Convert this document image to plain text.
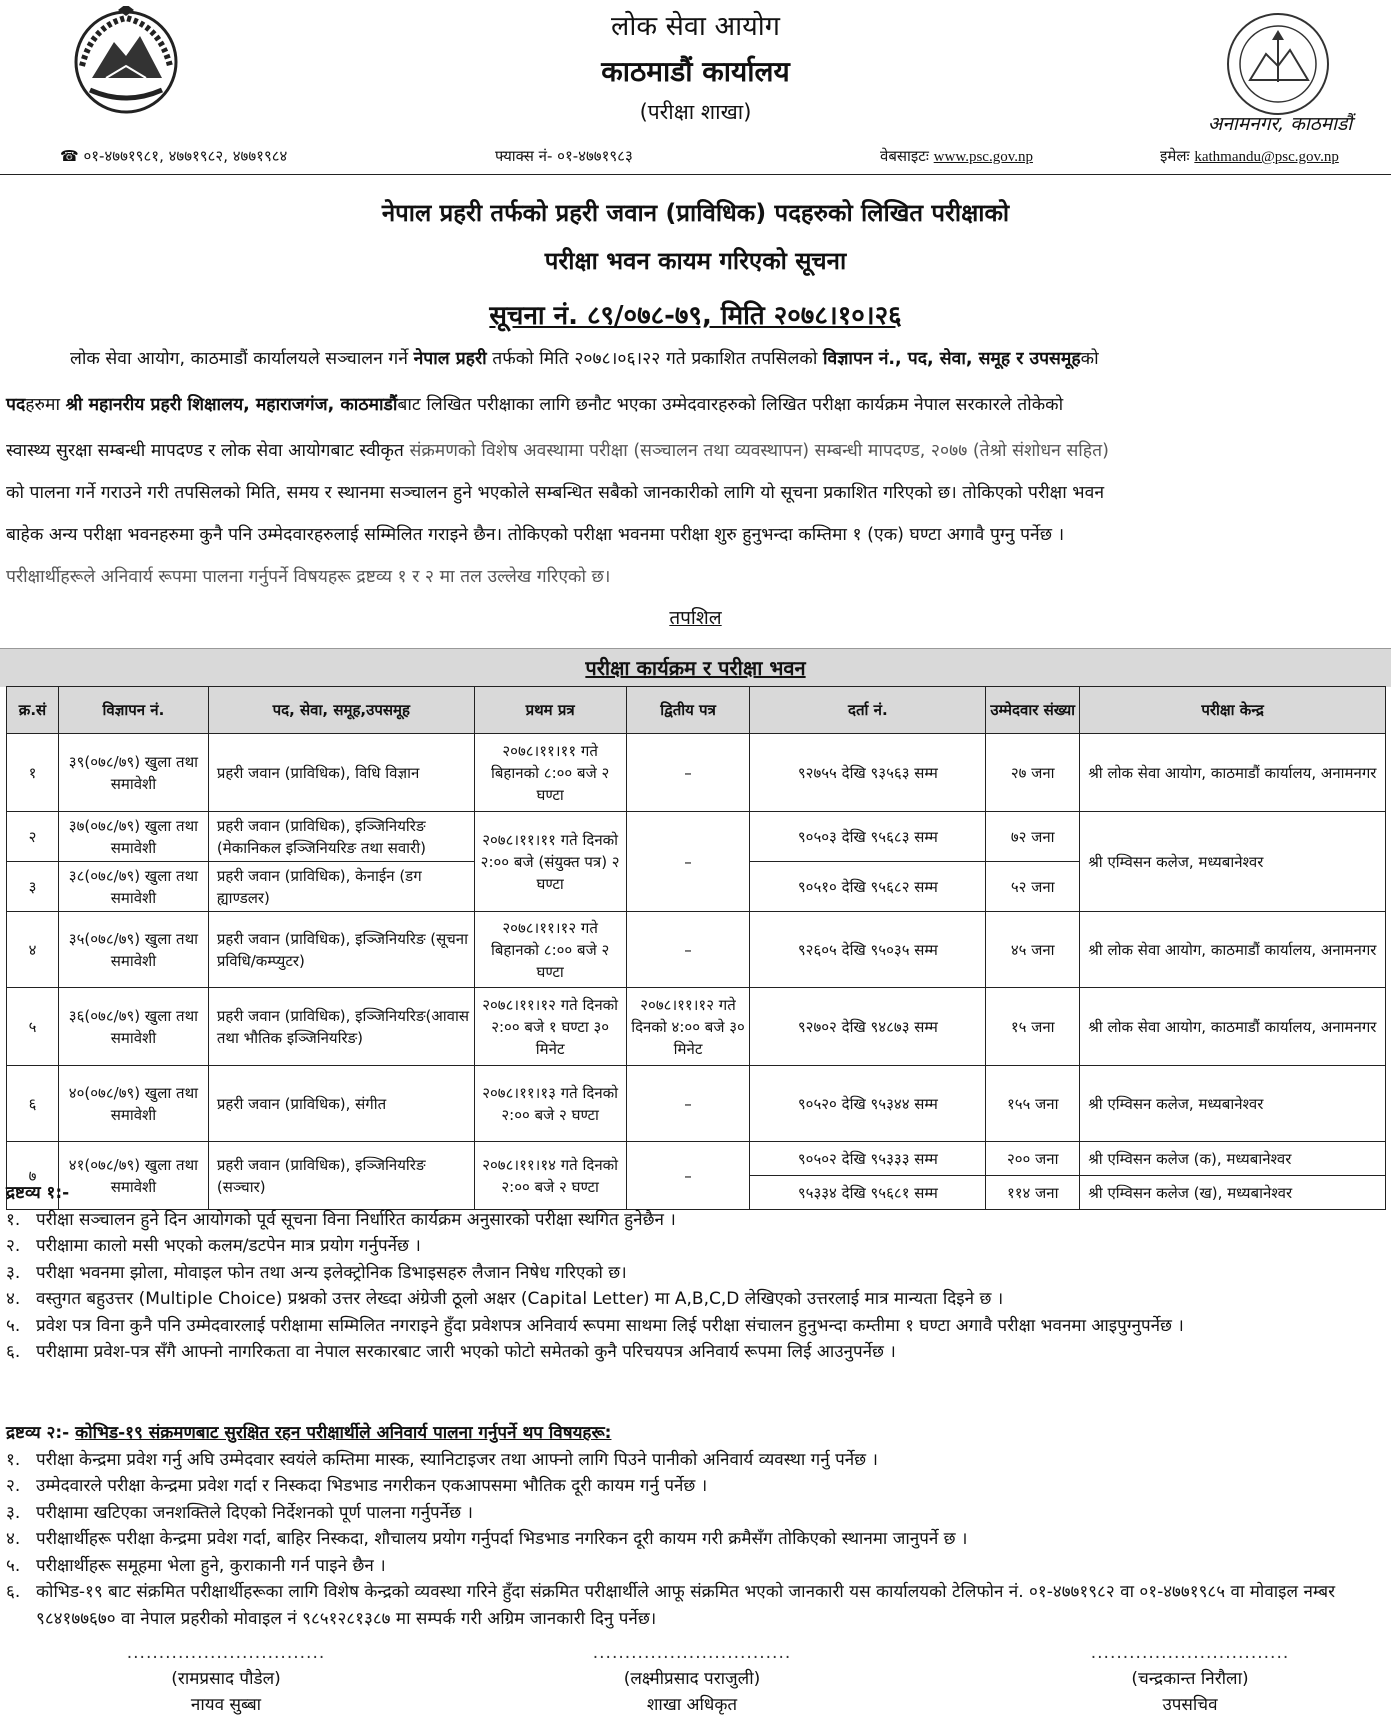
लोक सेवा आयोग
काठमाडौं कार्यालय
(परीक्षा शाखा)	अनामनगर, काठमाडौं
☎ ०१-४७७१९८१, ४७७१९८२, ४७७१९८४	फ्याक्स नं- ०१-४७७१९८३	वेबसाइटः www.psc.gov.np	इमेलः kathmandu@psc.gov.np
नेपाल प्रहरी तर्फको प्रहरी जवान (प्राविधिक) पदहरुको लिखित परीक्षाको
परीक्षा भवन कायम गरिएको सूचना
सूचना नं. ८९/०७८-७९, मिति २०७८।१०।२६
लोक सेवा आयोग, काठमाडौं कार्यालयले सञ्चालन गर्ने नेपाल प्रहरी तर्फको मिति २०७८।०६।२२ गते प्रकाशित तपसिलको विज्ञापन नं., पद, सेवा, समूह र उपसमूहको
पदहरुमा श्री महानरीय प्रहरी शिक्षालय, महाराजगंज, काठमाडौंबाट लिखित परीक्षाका लागि छनौट भएका उम्मेदवारहरुको लिखित परीक्षा कार्यक्रम नेपाल सरकारले तोकेको
स्वास्थ्य सुरक्षा सम्बन्धी मापदण्ड र लोक सेवा आयोगबाट स्वीकृत संक्रमणको विशेष अवस्थामा परीक्षा (सञ्चालन तथा व्यवस्थापन) सम्बन्धी मापदण्ड, २०७७ (तेश्रो संशोधन सहित)
को पालना गर्ने गराउने गरी तपसिलको मिति, समय र स्थानमा सञ्चालन हुने भएकोले सम्बन्धित सबैको जानकारीको लागि यो सूचना प्रकाशित गरिएको छ। तोकिएको परीक्षा भवन
बाहेक अन्य परीक्षा भवनहरुमा कुनै पनि उम्मेदवारहरुलाई सम्मिलित गराइने छैन। तोकिएको परीक्षा भवनमा परीक्षा शुरु हुनुभन्दा कम्तिमा १ (एक) घण्टा अगावै पुग्नु पर्नेछ ।
परीक्षार्थीहरूले अनिवार्य रूपमा पालना गर्नुपर्ने विषयहरू द्रष्टव्य १ र २ मा तल उल्लेख गरिएको छ।
तपशिल
परीक्षा कार्यक्रम र परीक्षा भवन
क्र.सं	विज्ञापन नं.	पद, सेवा, समूह,उपसमूह	प्रथम प्रत्र	द्वितीय पत्र	दर्ता नं.	उम्मेदवार संख्या	परीक्षा केन्द्र
१	३९(०७८/७९) खुला तथा समावेशी	प्रहरी जवान (प्राविधिक), विधि विज्ञान	२०७८।११।११ गते बिहानको ८:०० बजे २ घण्टा	–	९२७५५ देखि ९३५६३ सम्म	२७ जना	श्री लोक सेवा आयोग, काठमाडौं कार्यालय, अनामनगर
२	३७(०७८/७९) खुला तथा समावेशी	प्रहरी जवान (प्राविधिक), इञ्जिनियरिङ (मेकानिकल इञ्जिनियरिङ तथा सवारी)	२०७८।११।११ गते दिनको २:०० बजे (संयुक्त पत्र) २ घण्टा	–	९०५०३ देखि ९५६८३ सम्म	७२ जना	श्री एम्विसन कलेज, मध्यबानेश्वर
३	३८(०७८/७९) खुला तथा समावेशी	प्रहरी जवान (प्राविधिक), केनाईन (डग ह्याण्डलर)			९०५१० देखि ९५६८२ सम्म	५२ जना	
४	३५(०७८/७९) खुला तथा समावेशी	प्रहरी जवान (प्राविधिक), इञ्जिनियरिङ (सूचना प्रविधि/कम्प्युटर)	२०७८।११।१२ गते बिहानको ८:०० बजे २ घण्टा	–	९२६०५ देखि ९५०३५ सम्म	४५ जना	श्री लोक सेवा आयोग, काठमाडौं कार्यालय, अनामनगर
५	३६(०७८/७९) खुला तथा समावेशी	प्रहरी जवान (प्राविधिक), इञ्जिनियरिङ(आवास तथा भौतिक इञ्जिनियरिङ)	२०७८।११।१२ गते दिनको २:०० बजे १ घण्टा ३० मिनेट	२०७८।११।१२ गते दिनको ४:०० बजे ३० मिनेट	९२७०२ देखि ९४८७३ सम्म	१५ जना	श्री लोक सेवा आयोग, काठमाडौं कार्यालय, अनामनगर
६	४०(०७८/७९) खुला तथा समावेशी	प्रहरी जवान (प्राविधिक), संगीत	२०७८।११।१३ गते दिनको २:०० बजे २ घण्टा	–	९०५२० देखि ९५३४४ सम्म	१५५ जना	श्री एम्विसन कलेज, मध्यबानेश्वर
७	४१(०७८/७९) खुला तथा समावेशी	प्रहरी जवान (प्राविधिक), इञ्जिनियरिङ (सञ्चार)	२०७८।११।१४ गते दिनको २:०० बजे २ घण्टा	–	९०५०२ देखि ९५३३३ सम्म	२०० जना	श्री एम्विसन कलेज (क), मध्यबानेश्वर
					९५३३४ देखि ९५६८१ सम्म	११४ जना	श्री एम्विसन कलेज (ख), मध्यबानेश्वर
द्रष्टव्य १:-
१. परीक्षा सञ्चालन हुने दिन आयोगको पूर्व सूचना विना निर्धारित कार्यक्रम अनुसारको परीक्षा स्थगित हुनेछैन ।
२. परीक्षामा कालो मसी भएको कलम/डटपेन मात्र प्रयोग गर्नुपर्नेछ ।
३. परीक्षा भवनमा झोला, मोवाइल फोन तथा अन्य इलेक्ट्रोनिक डिभाइसहरु लैजान निषेध गरिएको छ।
४. वस्तुगत बहुउत्तर (Multiple Choice) प्रश्नको उत्तर लेख्दा अंग्रेजी ठूलो अक्षर (Capital Letter) मा A,B,C,D लेखिएको उत्तरलाई मात्र मान्यता दिइने छ ।
५. प्रवेश पत्र विना कुनै पनि उम्मेदवारलाई परीक्षामा सम्मिलित नगराइने हुँदा प्रवेशपत्र अनिवार्य रूपमा साथमा लिई परीक्षा संचालन हुनुभन्दा कम्तीमा १ घण्टा अगावै परीक्षा भवनमा आइपुग्नुपर्नेछ ।
६. परीक्षामा प्रवेश-पत्र सँगै आफ्नो नागरिकता वा नेपाल सरकारबाट जारी भएको फोटो समेतको कुनै परिचयपत्र अनिवार्य रूपमा लिई आउनुपर्नेछ ।
द्रष्टव्य २:- कोभिड-१९ संक्रमणबाट सुरक्षित रहन परीक्षार्थीले अनिवार्य पालना गर्नुपर्ने थप विषयहरू:
१. परीक्षा केन्द्रमा प्रवेश गर्नु अघि उम्मेदवार स्वयंले कम्तिमा मास्क, स्यानिटाइजर तथा आफ्नो लागि पिउने पानीको अनिवार्य व्यवस्था गर्नु पर्नेछ ।
२. उम्मेदवारले परीक्षा केन्द्रमा प्रवेश गर्दा र निस्कदा भिडभाड नगरीकन एकआपसमा भौतिक दूरी कायम गर्नु पर्नेछ ।
३. परीक्षामा खटिएका जनशक्तिले दिएको निर्देशनको पूर्ण पालना गर्नुपर्नेछ ।
४. परीक्षार्थीहरू परीक्षा केन्द्रमा प्रवेश गर्दा, बाहिर निस्कदा, शौचालय प्रयोग गर्नुपर्दा भिडभाड नगरिकन दूरी कायम गरी क्रमैसँग तोकिएको स्थानमा जानुपर्ने छ ।
५. परीक्षार्थीहरू समूहमा भेला हुने, कुराकानी गर्न पाइने छैन ।
६. कोभिड-१९ बाट संक्रमित परीक्षार्थीहरूका लागि विशेष केन्द्रको व्यवस्था गरिने हुँदा संक्रमित परीक्षार्थीले आफू संक्रमित भएको जानकारी यस कार्यालयको टेलिफोन नं. ०१-४७७१९८२ वा ०१-४७७१९८५ वा मोवाइल नम्बर ९८४१७७६७० वा नेपाल प्रहरीको मोवाइल नं ९८५१२८१३८७ मा सम्पर्क गरी अग्रिम जानकारी दिनु पर्नेछ।
...............................
(रामप्रसाद पौडेल)
नायव सुब्बा
...............................
(लक्ष्मीप्रसाद पराजुली)
शाखा अधिकृत
...............................
(चन्द्रकान्त निरौला)
उपसचिव
